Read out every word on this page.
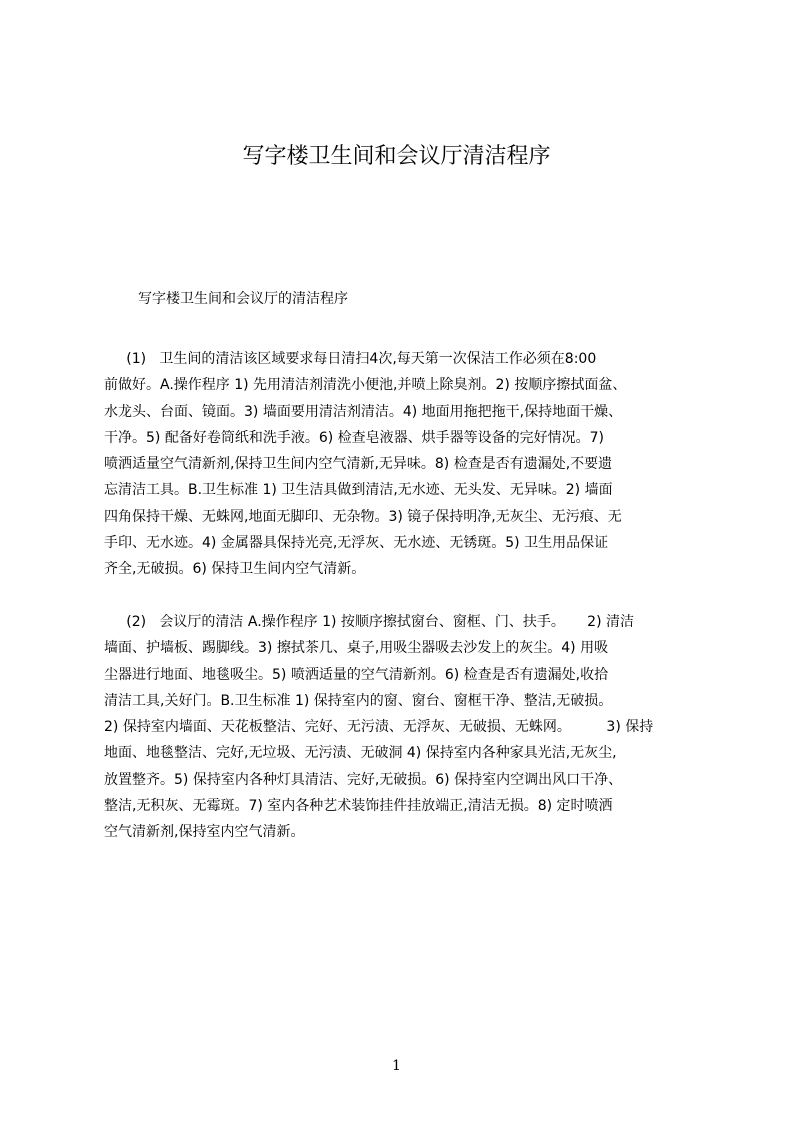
写字楼卫生间和会议厅清洁程序

写字楼卫生间和会议厅的清洁程序

(1)   卫生间的清洁该区域要求每日清扫4次,每天第一次保洁工作必须在8:00
前做好。A.操作程序 1) 先用清洁剂清洗小便池,并喷上除臭剂。2) 按顺序擦拭面盆、
水龙头、台面、镜面。3) 墙面要用清洁剂清洁。4) 地面用拖把拖干,保持地面干燥、
干净。5) 配备好卷筒纸和洗手液。6) 检查皂液器、烘手器等设备的完好情况。7)
喷洒适量空气清新剂,保持卫生间内空气清新,无异味。8) 检查是否有遗漏处,不要遗
忘清洁工具。B.卫生标准 1) 卫生洁具做到清洁,无水迹、无头发、无异味。2) 墙面
四角保持干燥、无蛛网,地面无脚印、无杂物。3) 镜子保持明净,无灰尘、无污痕、无
手印、无水迹。4) 金属器具保持光亮,无浮灰、无水迹、无锈斑。5) 卫生用品保证
齐全,无破损。6) 保持卫生间内空气清新。
(2)   会议厅的清洁 A.操作程序 1) 按顺序擦拭窗台、窗框、门、扶手。     2) 清洁
墙面、护墙板、踢脚线。3) 擦拭茶几、桌子,用吸尘器吸去沙发上的灰尘。4) 用吸
尘器进行地面、地毯吸尘。5) 喷洒适量的空气清新剂。6) 检查是否有遗漏处,收拾
清洁工具,关好门。B.卫生标准 1) 保持室内的窗、窗台、窗框干净、整洁,无破损。
2) 保持室内墙面、天花板整洁、完好、无污渍、无浮灰、无破损、无蛛网。        3) 保持
地面、地毯整洁、完好,无垃圾、无污渍、无破洞 4) 保持室内各种家具光洁,无灰尘,
放置整齐。5) 保持室内各种灯具清洁、完好,无破损。6) 保持室内空调出风口干净、
整洁,无积灰、无霉斑。7) 室内各种艺术装饰挂件挂放端正,清洁无损。8) 定时喷洒
空气清新剂,保持室内空气清新。

1
